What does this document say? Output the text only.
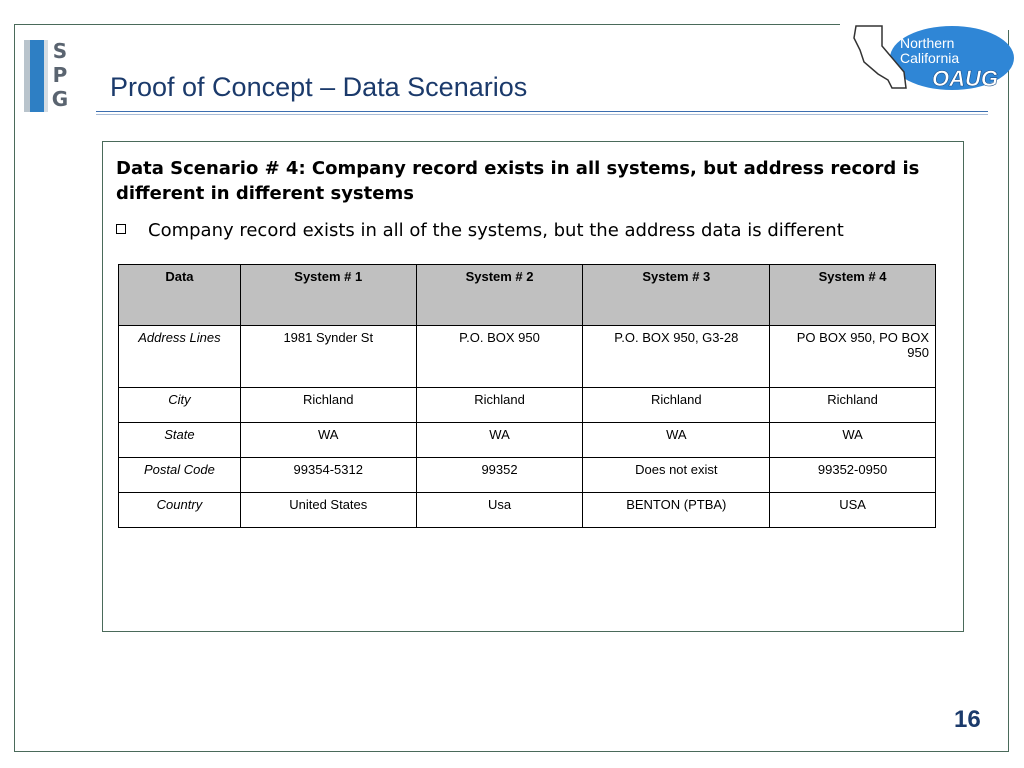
S
P
G Proof of Concept – Data Scenarios
Northern
California
OAUG
Data Scenario # 4: Company record exists in all systems, but address record is
different in different systems
Company record exists in all of the systems, but the address data is different
Data	System # 1	System # 2	System # 3	System # 4
Address Lines	1981 Synder St	P.O. BOX 950	P.O. BOX 950, G3-28	PO BOX 950, PO BOX 950
City	Richland	Richland	Richland	Richland
State	WA	WA	WA	WA
Postal Code	99354-5312	99352	Does not exist	99352-0950
Country	United States	Usa	BENTON (PTBA)	USA
16
